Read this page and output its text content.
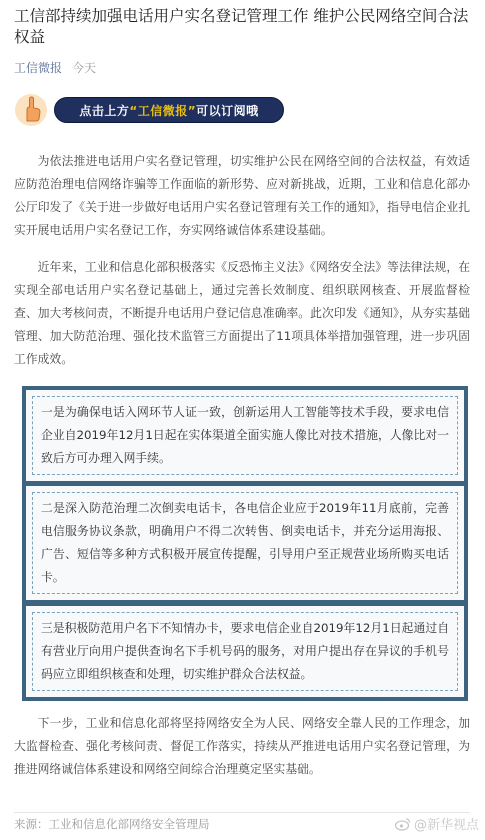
工信部持续加强电话用户实名登记管理工作 维护公民网络空间合法权益
工信微报 今天
点击上方 “工信微报” 可以订阅哦

为依法推进电话用户实名登记管理，切实维护公民在网络空间的合法权益，有效适应防范治理电信网络诈骗等工作面临的新形势、应对新挑战，近期，工业和信息化部办公厅印发了《关于进一步做好电话用户实名登记管理有关工作的通知》，指导电信企业扎实开展电话用户实名登记工作，夯实网络诚信体系建设基础。

近年来，工业和信息化部积极落实《反恐怖主义法》《网络安全法》等法律法规，在实现全部电话用户实名登记基础上，通过完善长效制度、组织联网核查、开展监督检查、加大考核问责，不断提升电话用户登记信息准确率。此次印发《通知》，从夯实基础管理、加大防范治理、强化技术监管三方面提出了11项具体举措加强管理，进一步巩固工作成效。

一是为确保电话入网环节人证一致，创新运用人工智能等技术手段，要求电信企业自2019年12月1日起在实体渠道全面实施人像比对技术措施，人像比对一致后方可办理入网手续。
二是深入防范治理二次倒卖电话卡，各电信企业应于2019年11月底前，完善电信服务协议条款，明确用户不得二次转售、倒卖电话卡，并充分运用海报、广告、短信等多种方式积极开展宣传提醒，引导用户至正规营业场所购买电话卡。
三是积极防范用户名下不知情办卡，要求电信企业自2019年12月1日起通过自有营业厅向用户提供查询名下手机号码的服务，对用户提出存在异议的手机号码应立即组织核查和处理，切实维护群众合法权益。

下一步，工业和信息化部将坚持网络安全为人民、网络安全靠人民的工作理念，加大监督检查、强化考核问责、督促工作落实，持续从严推进电话用户实名登记管理，为推进网络诚信体系建设和网络空间综合治理奠定坚实基础。

来源：工业和信息化部网络安全管理局	@新华视点
